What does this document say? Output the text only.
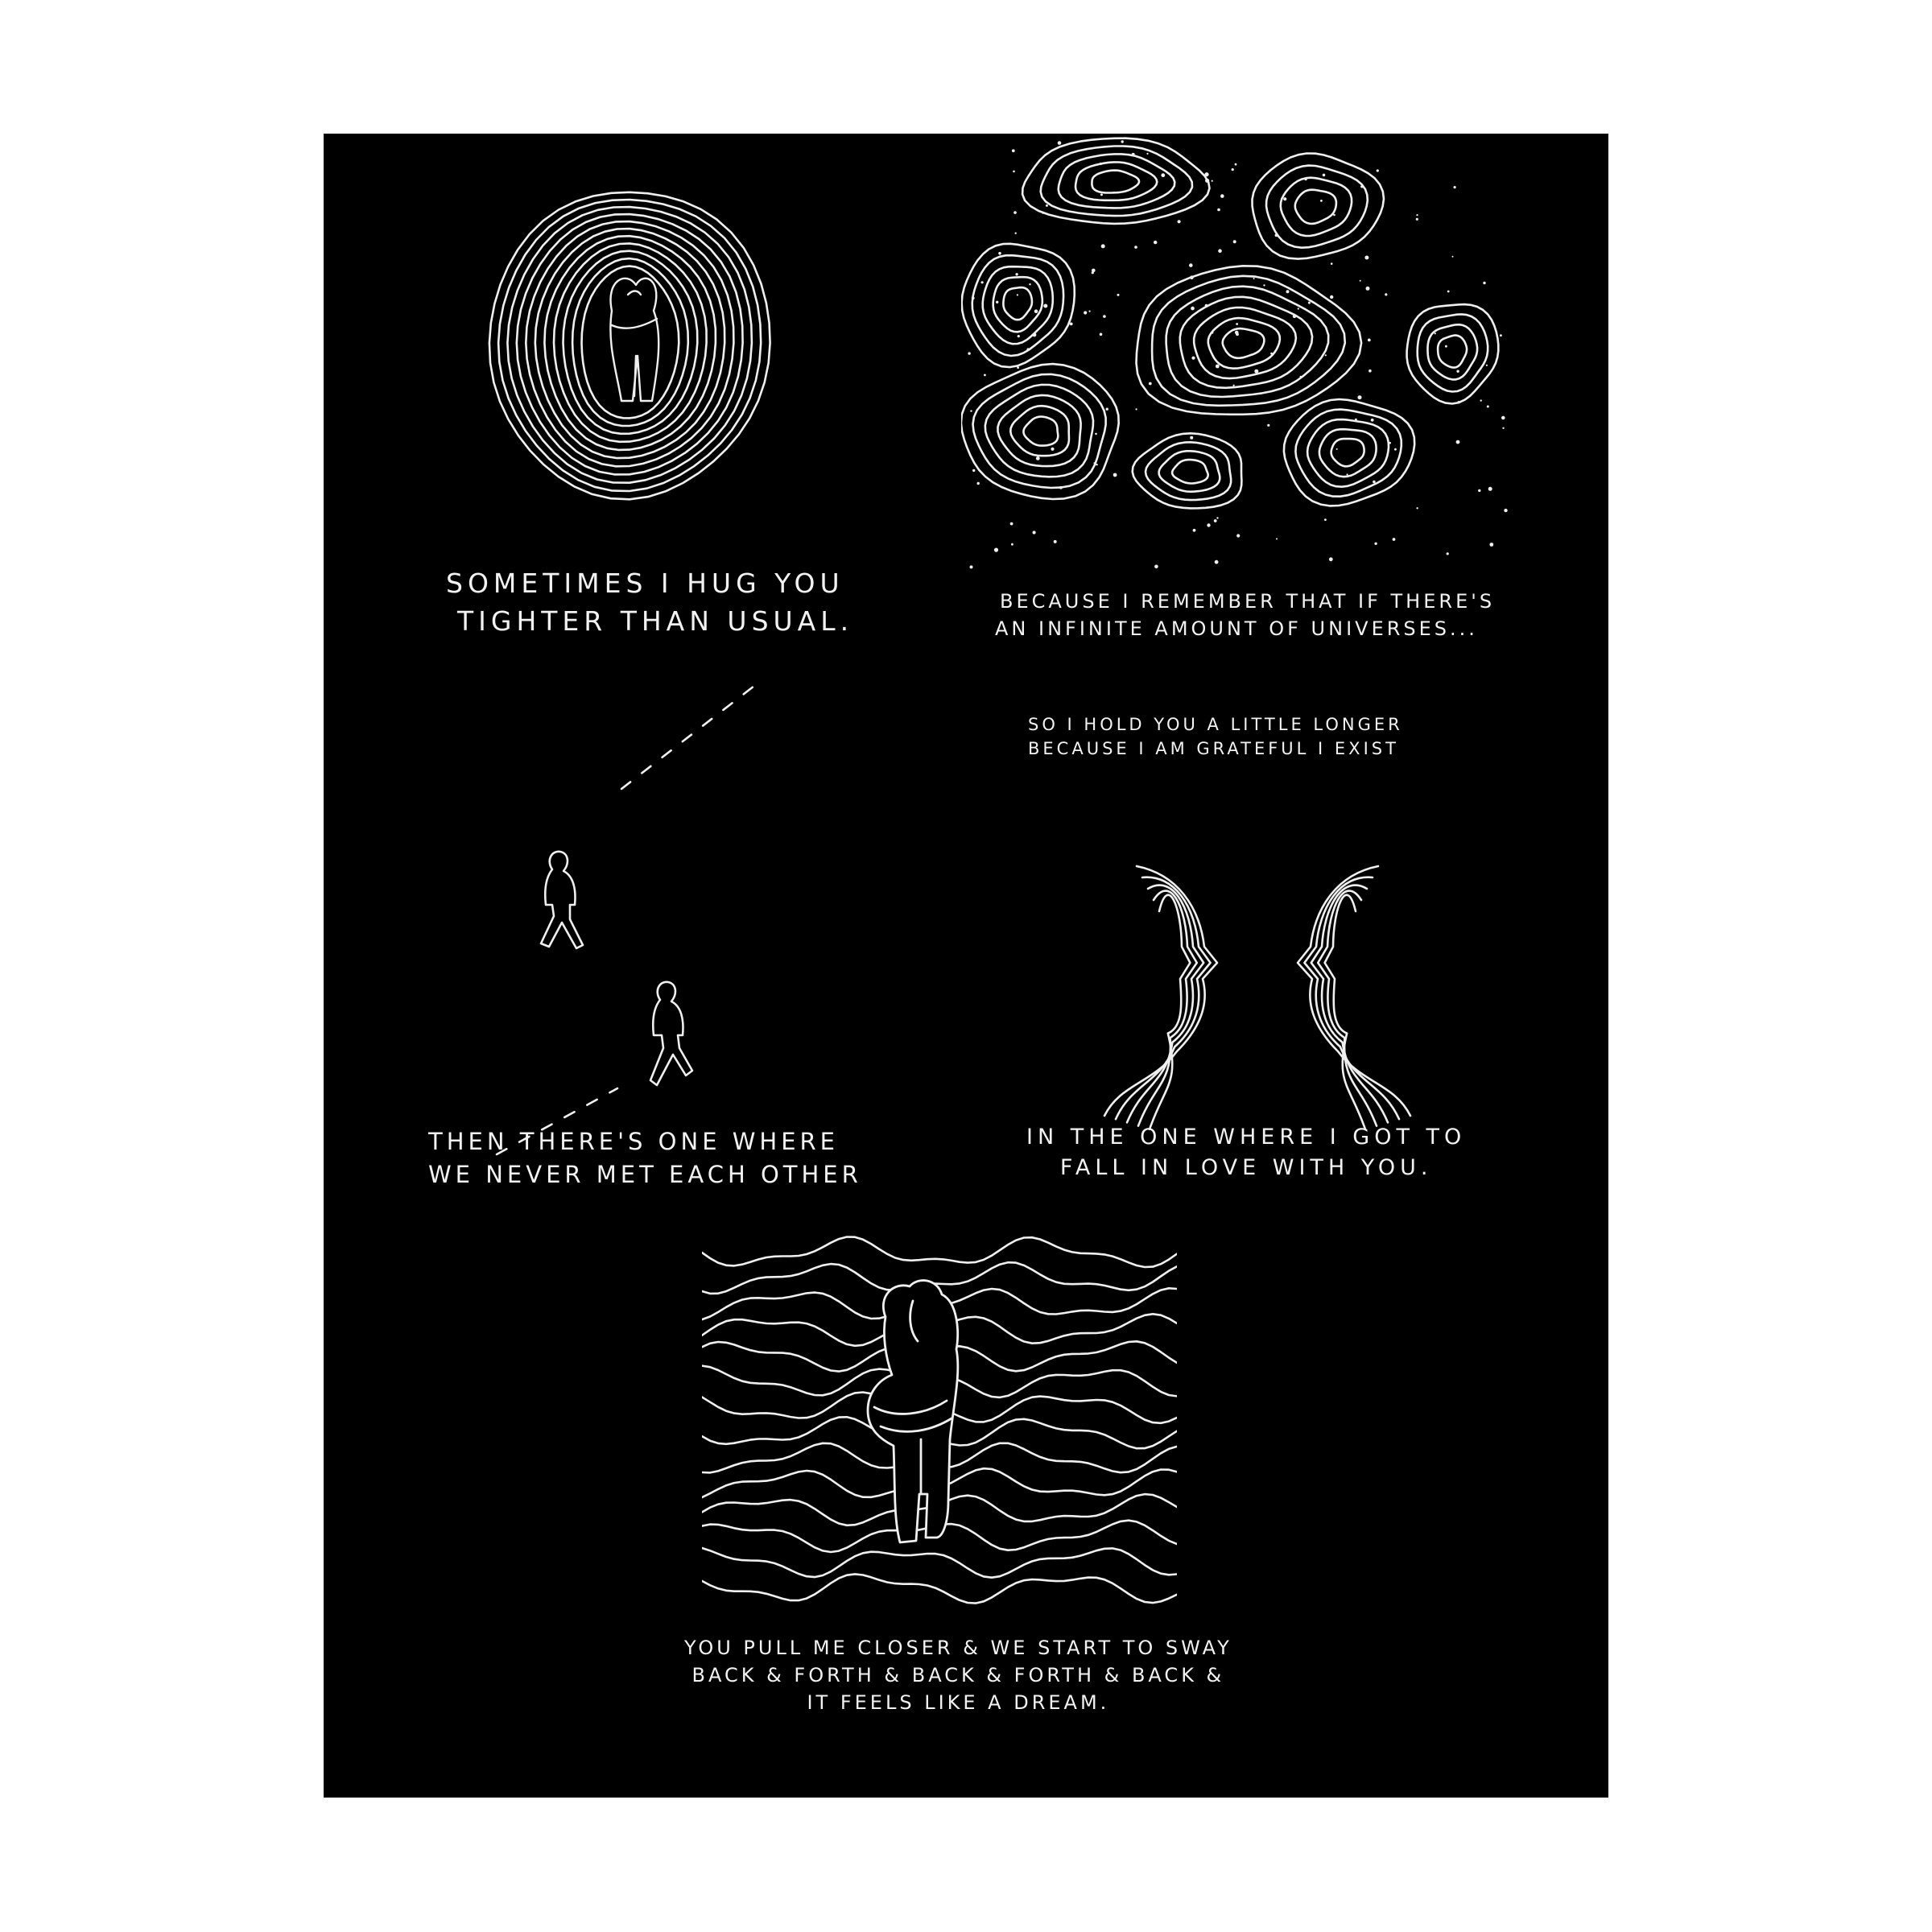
SOMETIMES I HUG YOU
TIGHTER THAN USUAL.
BECAUSE I REMEMBER THAT IF THERE'S
AN INFINITE AMOUNT OF UNIVERSES...
SO I HOLD YOU A LITTLE LONGER
BECAUSE I AM GRATEFUL I EXIST
THEN THERE'S ONE WHERE
WE NEVER MET EACH OTHER
IN THE ONE WHERE I GOT TO
FALL IN LOVE WITH YOU.
YOU PULL ME CLOSER & WE START TO SWAY
BACK & FORTH & BACK & FORTH & BACK &
IT FEELS LIKE A DREAM.
